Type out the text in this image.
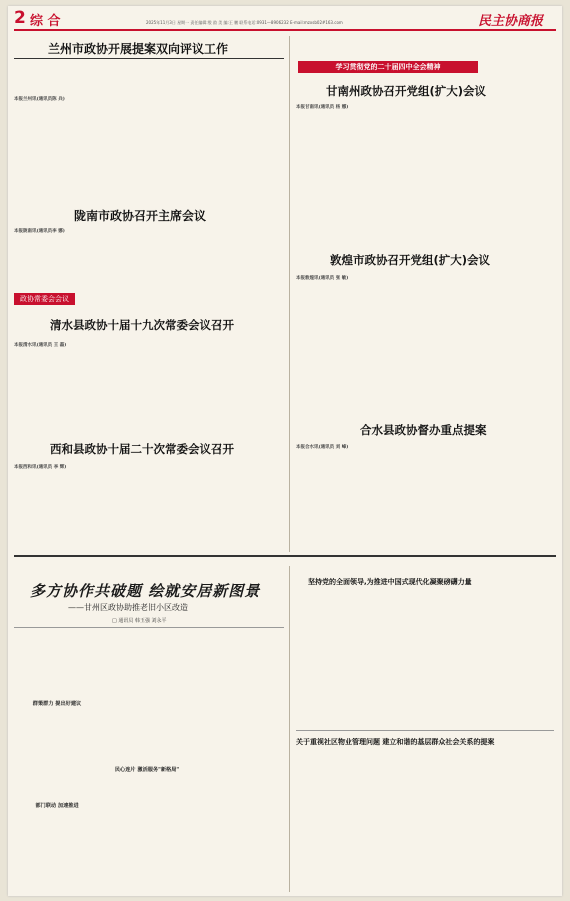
2 综 合	2025年11月3日 星期一 责任编辑:殷 韵 美 编:王 鹏 联系电话:0931—8906232 E-mail:mzxsb02#163.com	民主协商报
兰州市政协开展提案双向评议工作

本报兰州讯(通讯员陈 兵)

陇南市政协召开主席会议

本报陇南讯(通讯员李 娜)

政协常委会会议
清水县政协十届十九次常委会议召开

本报清水讯(通讯员 王 磊)

西和县政协十届二十次常委会议召开

本报西和讯(通讯员 李 辉)

学习贯彻党的二十届四中全会精神
甘南州政协召开党组(扩大)会议

本报甘南讯(通讯员 杨 娜)

敦煌市政协召开党组(扩大)会议

本报敦煌讯(通讯员 张 敏)

合水县政协督办重点提案

本报合水讯(通讯员 刘 峰)

多方协作共破题 绘就安居新图景
——甘州区政协助推老旧小区改造
□ 通讯员 韩玉强 刘永平
群策群力 提出好建议
部门联动 加速推进
民心连片 激活服务"新格局"
坚持党的全面领导,为推进中国式现代化凝聚磅礴力量
关于重视社区物业管理问题 建立和谐的基层群众社会关系的提案
